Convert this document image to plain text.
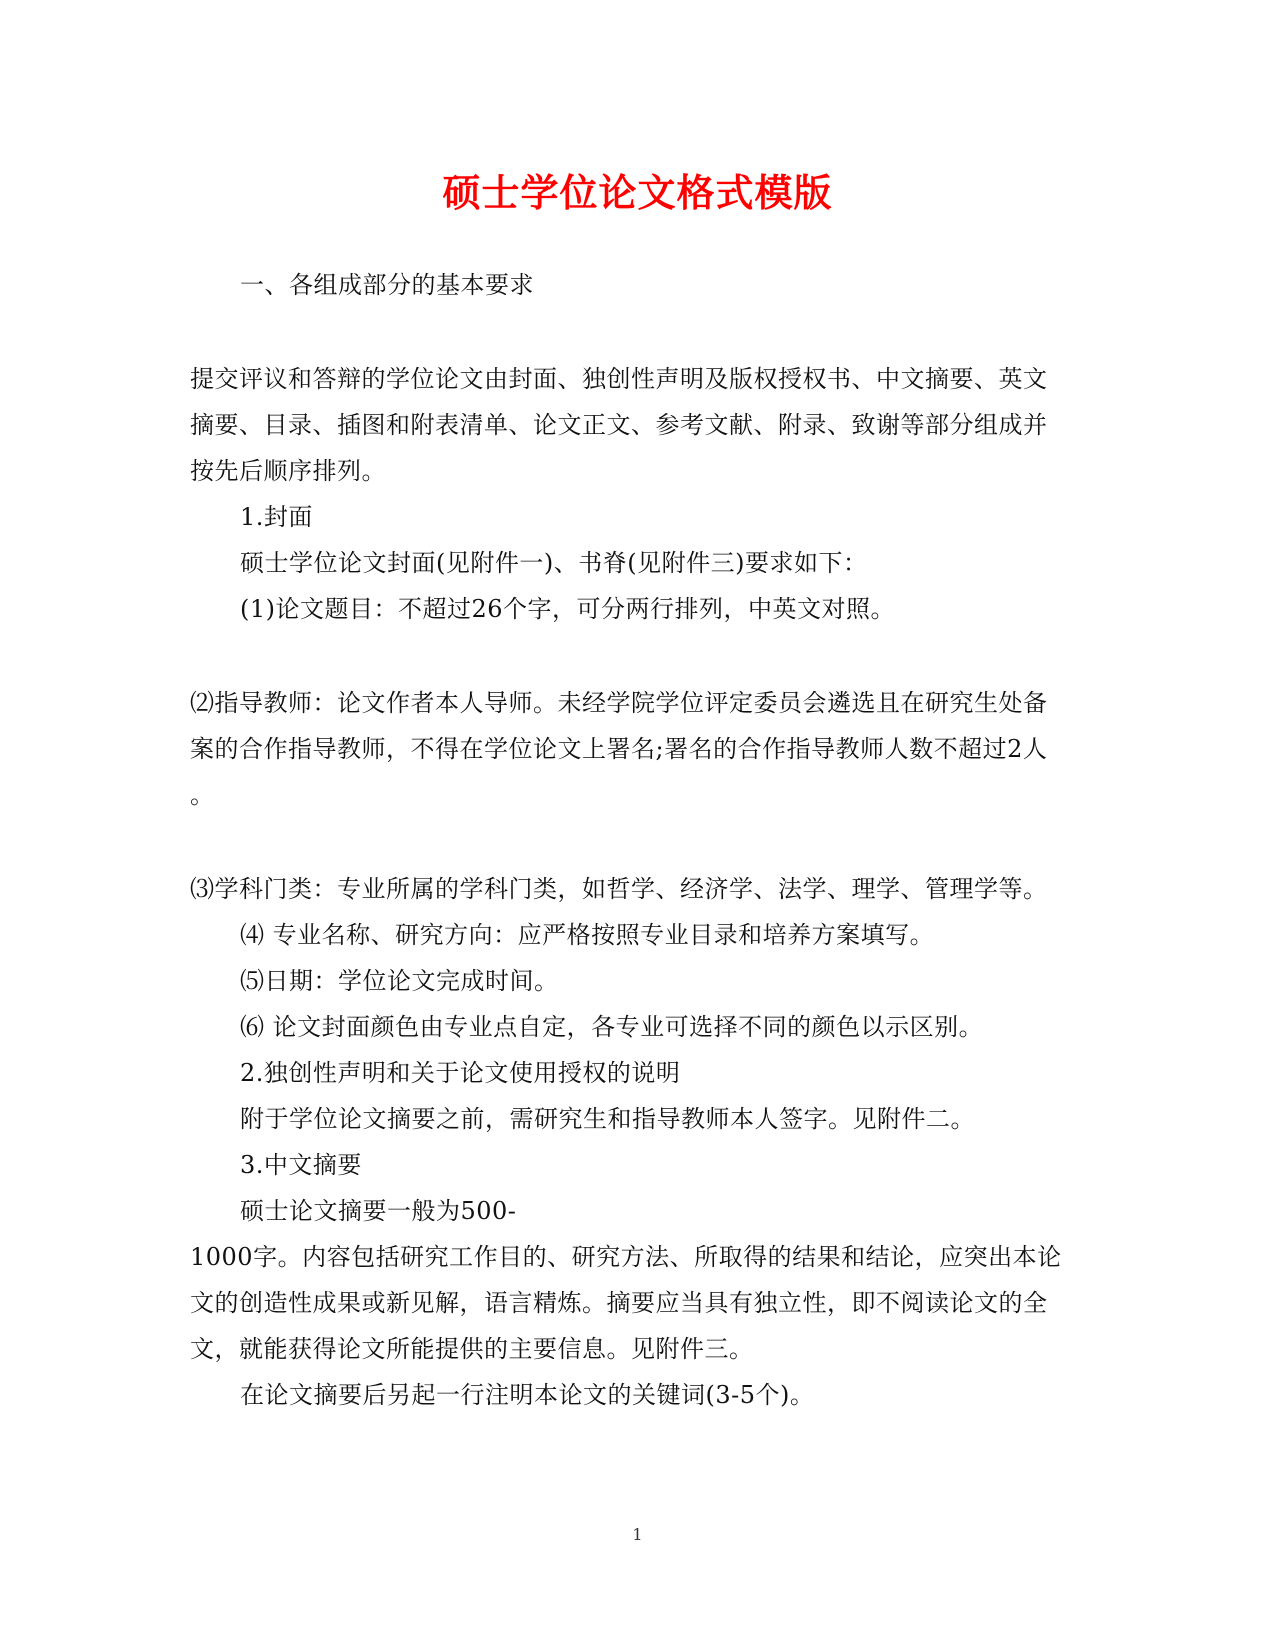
硕士学位论文格式模版
一、各组成部分的基本要求
提交评议和答辩的学位论文由封面、独创性声明及版权授权书、中文摘要、英文
摘要、目录、插图和附表清单、论文正文、参考文献、附录、致谢等部分组成并
按先后顺序排列。
1.封面
硕士学位论文封面(见附件一)、书脊(见附件三)要求如下：
(1)论文题目：不超过26个字，可分两行排列，中英文对照。
⑵指导教师：论文作者本人导师。未经学院学位评定委员会遴选且在研究生处备
案的合作指导教师，不得在学位论文上署名;署名的合作指导教师人数不超过2人
。
⑶学科门类：专业所属的学科门类，如哲学、经济学、法学、理学、管理学等。
⑷ 专业名称、研究方向：应严格按照专业目录和培养方案填写。
⑸日期：学位论文完成时间。
⑹ 论文封面颜色由专业点自定，各专业可选择不同的颜色以示区别。
2.独创性声明和关于论文使用授权的说明
附于学位论文摘要之前，需研究生和指导教师本人签字。见附件二。
3.中文摘要
硕士论文摘要一般为500-
1000字。内容包括研究工作目的、研究方法、所取得的结果和结论，应突出本论
文的创造性成果或新见解，语言精炼。摘要应当具有独立性，即不阅读论文的全
文，就能获得论文所能提供的主要信息。见附件三。
在论文摘要后另起一行注明本论文的关键词(3-5个)。
1
